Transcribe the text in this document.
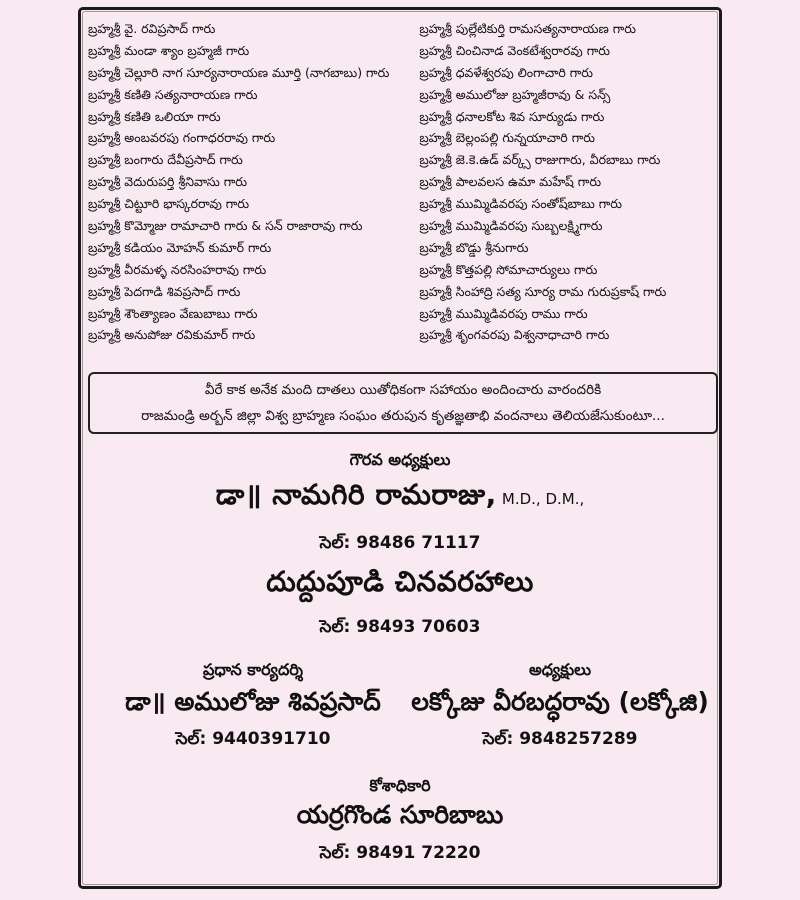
బ్రహ్మశ్రీ వై. రవిప్రసాద్ గారు
బ్రహ్మశ్రీ మండా శ్యాం బ్రహ్మజీ గారు
బ్రహ్మశ్రీ చెల్లూరి నాగ సూర్యనారాయణ మూర్తి (నాగబాబు) గారు
బ్రహ్మశ్రీ కణితి సత్యనారాయణ గారు
బ్రహ్మశ్రీ కణితి ఒలియా గారు
బ్రహ్మశ్రీ అంబవరపు గంగాధరరావు గారు
బ్రహ్మశ్రీ బంగారు దేవీప్రసాద్ గారు
బ్రహ్మశ్రీ వెదురుపర్తి శ్రీనివాసు గారు
బ్రహ్మశ్రీ చిట్టూరి భాస్కరరావు గారు
బ్రహ్మశ్రీ కొమ్మోజు రామాచారి గారు & సన్ రాజారావు గారు
బ్రహ్మశ్రీ కడియం మోహన్ కుమార్ గారు
బ్రహ్మశ్రీ వీరమళ్ళ నరసింహరావు గారు
బ్రహ్మశ్రీ పెదగాడి శివప్రసాద్ గారు
బ్రహ్మశ్రీ శౌంత్యాణం వేణుబాబు గారు
బ్రహ్మశ్రీ అనుపోజు రవికుమార్ గారు
బ్రహ్మశ్రీ పుల్లేటికుర్తి రామసత్యనారాయణ గారు
బ్రహ్మశ్రీ చించినాడ వెంకటేశ్వరారవు గారు
బ్రహ్మశ్రీ ధవళేశ్వరపు లింగాచారి గారు
బ్రహ్మశ్రీ అములోజు బ్రహ్మజీరావు & సన్స్
బ్రహ్మశ్రీ ధనాలకోట శివ సూర్యుడు గారు
బ్రహ్మశ్రీ బెల్లంపల్లి గున్నయాచారి గారు
బ్రహ్మశ్రీ జె.కె.ఉడ్ వర్క్స్ రాజుగారు, వీరబాబు గారు
బ్రహ్మశ్రీ పాలవలస ఉమా మహేష్ గారు
బ్రహ్మశ్రీ ముమ్మిడివరపు సంతోష్‌బాబు గారు
బ్రహ్మశ్రీ ముమ్మిడివరపు సుబ్బలక్ష్మిగారు
బ్రహ్మశ్రీ బొడ్డు శ్రీనుగారు
బ్రహ్మశ్రీ కొత్తపల్లి సోమాచార్యులు గారు
బ్రహ్మశ్రీ సింహాద్రి సత్య సూర్య రామ గురుప్రకాష్ గారు
బ్రహ్మశ్రీ ముమ్మిడివరపు రాము గారు
బ్రహ్మశ్రీ శృంగవరపు విశ్వనాధాచారి గారు
వీరే కాక అనేక మంది దాతలు యితోధికంగా సహాయం అందించారు వారందరికి
రాజమండ్రి అర్బన్ జిల్లా విశ్వ బ్రాహ్మణ సంఘం తరుపున కృతజ్ఞతాభి వందనాలు తెలియజేసుకుంటూ...
గౌరవ అధ్యక్షులు
డా॥ నామగిరి రామరాజు, M.D., D.M.,
సెల్: 98486 71117
దుద్దుపూడి చినవరహాలు
సెల్: 98493 70603
ప్రధాన కార్యదర్శి
డా॥ అములోజు శివప్రసాద్
సెల్: 9440391710
అధ్యక్షులు
లక్కోజు వీరబద్ధరావు (లక్కోజి)
సెల్: 9848257289
కోశాధికారి
యర్రగొండ సూరిబాబు
సెల్: 98491 72220
